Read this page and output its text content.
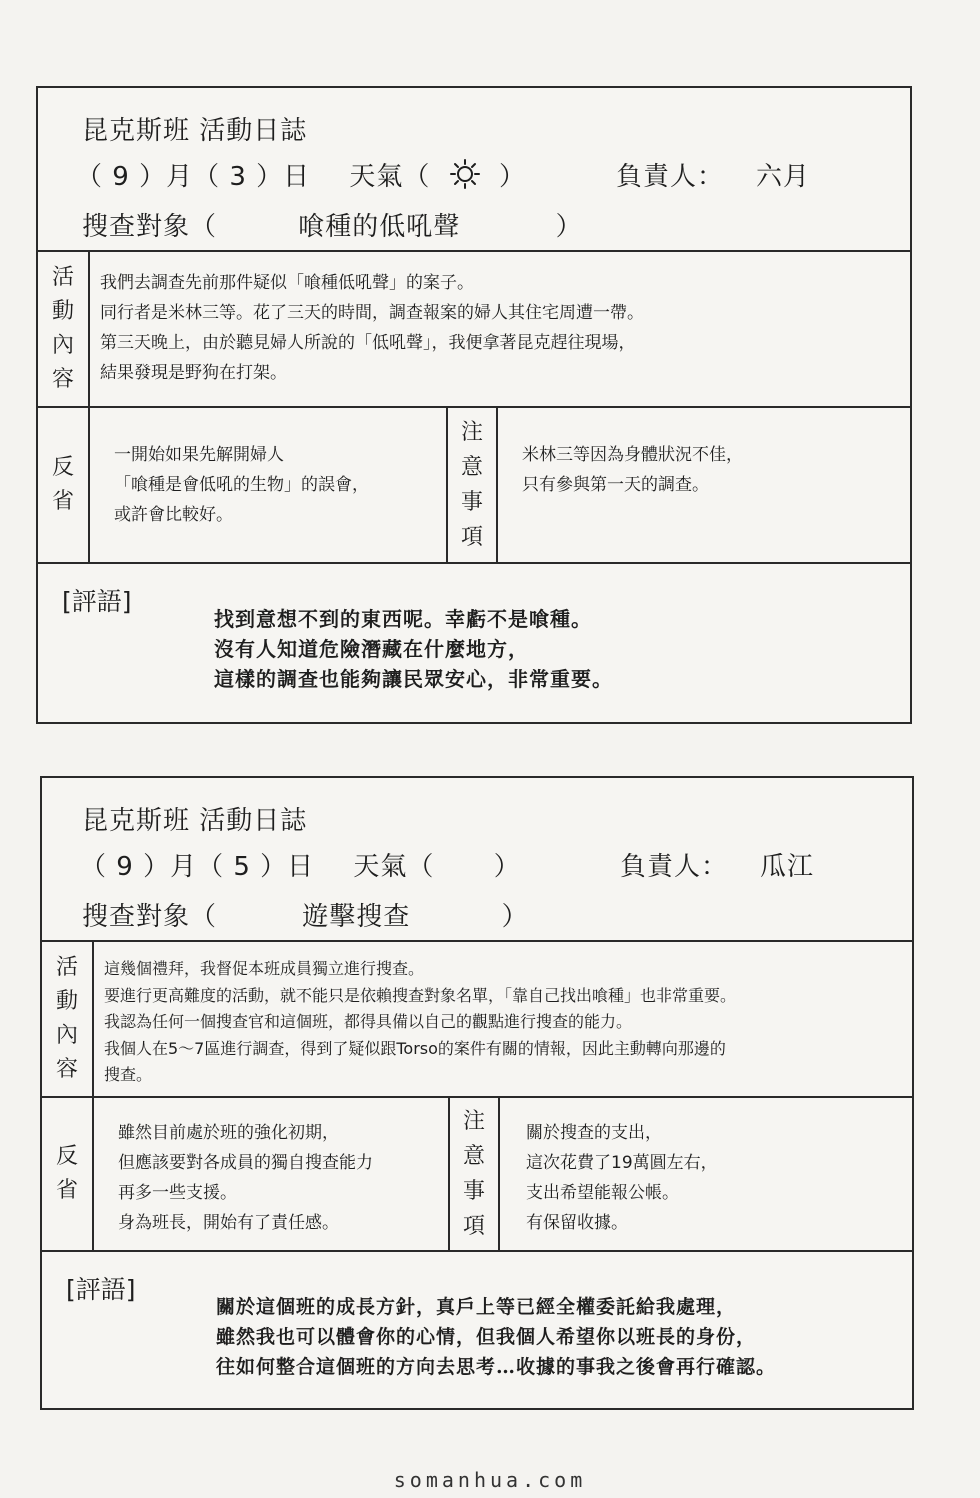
昆克斯班 活動日誌
（ 9 ）月（ 3 ）日 天氣（	）	負責人： 六月
搜查對象（	喰種的低吼聲	）
活
動
內
容
我們去調查先前那件疑似「喰種低吼聲」的案子。
同行者是米林三等。花了三天的時間，調查報案的婦人其住宅周遭一帶。
第三天晚上，由於聽見婦人所說的「低吼聲」，我便拿著昆克趕往現場，
結果發現是野狗在打架。
反
省
一開始如果先解開婦人
「喰種是會低吼的生物」的誤會，
或許會比較好。
注
意
事
項
米林三等因為身體狀況不佳，
只有參與第一天的調查。
[評語]
找到意想不到的東西呢。幸虧不是喰種。
沒有人知道危險潛藏在什麼地方，
這樣的調查也能夠讓民眾安心，非常重要。
昆克斯班 活動日誌
（ 9 ）月（ 5 ）日 天氣（ ）	負責人： 瓜江
搜查對象（	遊擊搜查	）
活
動
內
容
這幾個禮拜，我督促本班成員獨立進行搜查。
要進行更高難度的活動，就不能只是依賴搜查對象名單，「靠自己找出喰種」也非常重要。
我認為任何一個搜查官和這個班，都得具備以自己的觀點進行搜查的能力。
我個人在5〜7區進行調查，得到了疑似跟Torso的案件有關的情報，因此主動轉向那邊的
搜查。
反
省
雖然目前處於班的強化初期，
但應該要對各成員的獨自搜查能力
再多一些支援。
身為班長，開始有了責任感。
注
意
事
項
關於搜查的支出，
這次花費了19萬圓左右，
支出希望能報公帳。
有保留收據。
[評語]
關於這個班的成長方針，真戶上等已經全權委託給我處理，
雖然我也可以體會你的心情，但我個人希望你以班長的身份，
往如何整合這個班的方向去思考…收據的事我之後會再行確認。
somanhua.com
